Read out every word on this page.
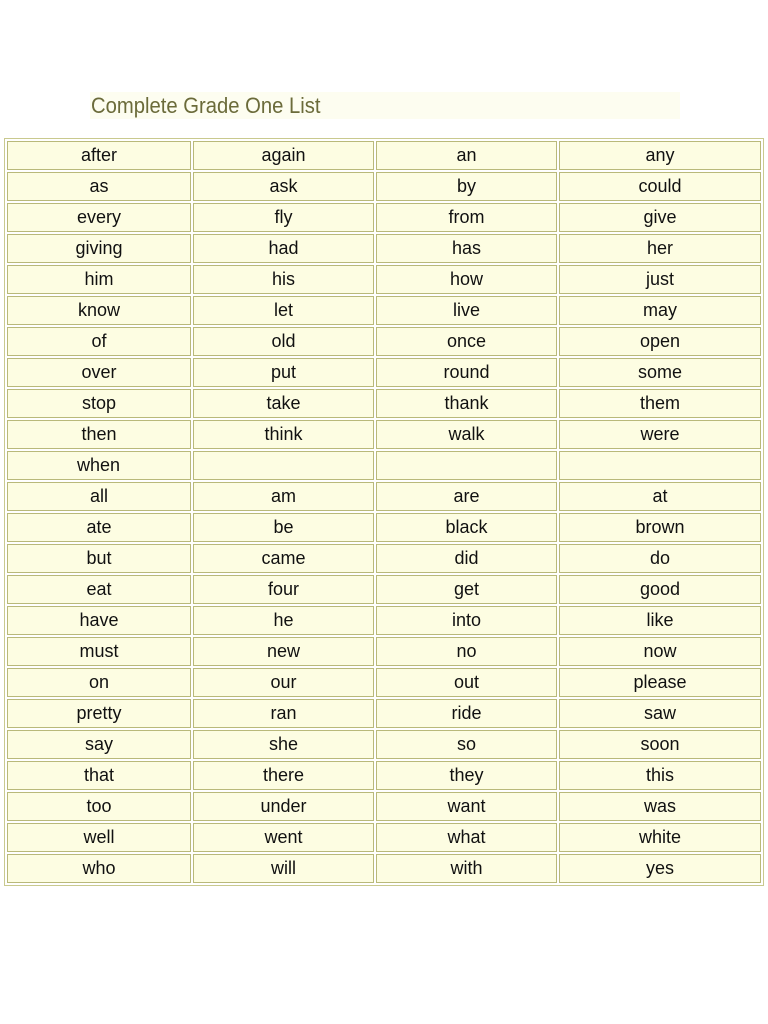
Complete Grade One List
after	again	an	any
as	ask	by	could
every	fly	from	give
giving	had	has	her
him	his	how	just
know	let	live	may
of	old	once	open
over	put	round	some
stop	take	thank	them
then	think	walk	were
when			
all	am	are	at
ate	be	black	brown
but	came	did	do
eat	four	get	good
have	he	into	like
must	new	no	now
on	our	out	please
pretty	ran	ride	saw
say	she	so	soon
that	there	they	this
too	under	want	was
well	went	what	white
who	will	with	yes
